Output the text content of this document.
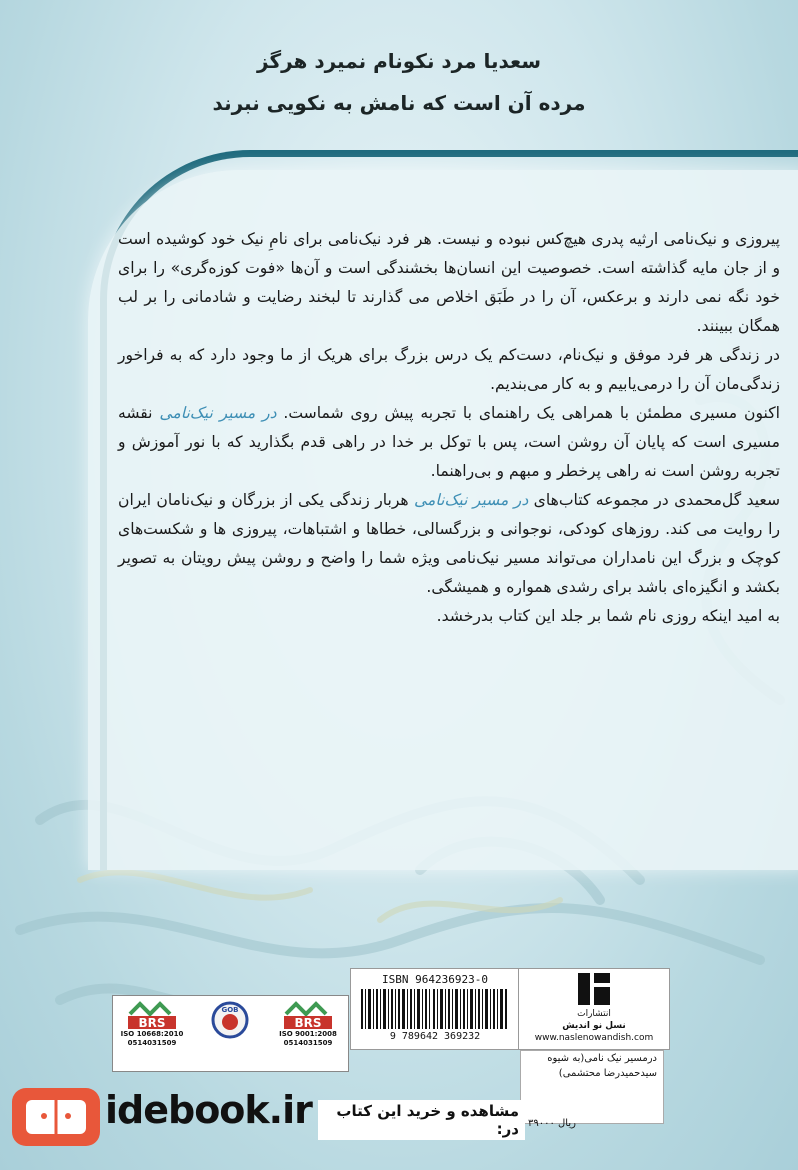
سعدیا مرد نکونام نمیرد هرگز
مرده آن است که نامش به نکویی نبرند

پیروزی و نیک‌نامی ارثیه پدری هیچ‌کس نبوده و نیست. هر فرد نیک‌نامی برای نامِ نیک خود کوشیده است و از جان مایه گذاشته است. خصوصیت این انسان‌ها بخشندگی است و آن‌ها «فوت کوزه‌گری» را برای خود نگه نمی دارند و برعکس، آن را در طَبَق اخلاص می گذارند تا لبخند رضایت و شادمانی را بر لب همگان ببینند.

در زندگی هر فرد موفق و نیک‌نام، دست‌کم یک درس بزرگ برای هریک از ما وجود دارد که به فراخور زندگی‌مان آن را درمی‌یابیم و به کار می‌بندیم.

اکنون مسیری مطمئن با همراهی یک راهنمای با تجربه پیش روی شماست. در مسیر نیک‌نامی نقشه مسیری است که پایان آن روشن است، پس با توکل بر خدا در راهی قدم بگذارید که با نور آموزش و تجربه روشن است نه راهی پرخطر و مبهم و بی‌راهنما.

سعید گل‌محمدی در مجموعه کتاب‌های در مسیر نیک‌نامی هربار زندگی یکی از بزرگان و نیک‌نامان ایران را روایت می کند. روزهای کودکی، نوجوانی و بزرگسالی، خطاها و اشتباهات، پیروزی ها و شکست‌های کوچک و بزرگ این نامداران می‌تواند مسیر نیک‌نامی ویژه شما را واضح و روشن پیش رویتان به تصویر بکشد و انگیزه‌ای باشد برای رشدی همواره و همیشگی.

به امید اینکه روزی نام شما بر جلد این کتاب بدرخشد.

BRS
ISO 9001:2008
0514031509
GOB
BRS
ISO 10668:2010
0514031509
ISBN 964236923-0
9 789642 369232
انتشارات
نسل نو اندیش
www.naslenowandish.com
درمسیر نیک نامی(به شیوه
سیدحمیدرضا محتشمی)
ریال ۳۹۰۰۰
idebook.ir	مشاهده و خرید این کتاب در:
